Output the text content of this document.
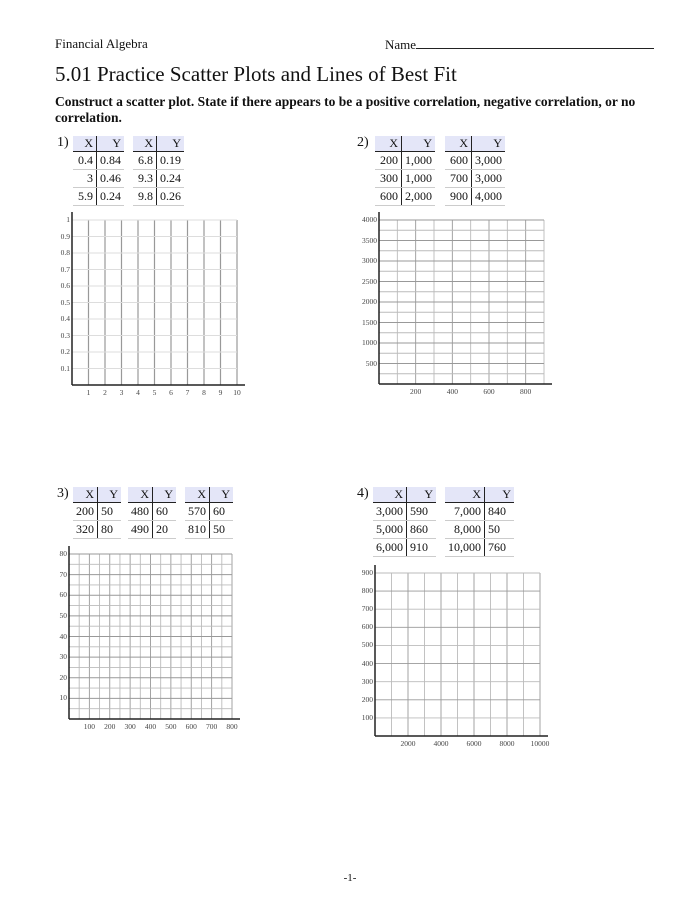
Financial Algebra	Name
5.01 Practice Scatter Plots and Lines of Best Fit
Construct a scatter plot. State if there appears to be a positive correlation, negative correlation, or no correlation.
1)	2)
3)	4)
X	Y
0.4	0.84
3	0.46
5.9	0.24
X	Y
6.8	0.19
9.3	0.24
9.8	0.26
X	Y
200	1,000
300	1,000
600	2,000
X	Y
600	3,000
700	3,000
900	4,000
X	Y
200	50
320	80
X	Y
480	60
490	20
X	Y
570	60
810	50
X	Y
3,000	590
5,000	860
6,000	910
X	Y
7,000	840
8,000	50
10,000	760
0.1
0.2
0.3
0.4
0.5
0.6
0.7
0.8
0.9
1
1	2	3	4	5	6	7	8	9	10
500
1000
1500
2000
2500
3000
3500
4000
200	400	600	800
10
20
30
40
50
60
70
80
100	200	300	400	500	600	700	800
100
200
300
400
500
600
700
800
900
2000	4000	6000	8000	10000
-1-
